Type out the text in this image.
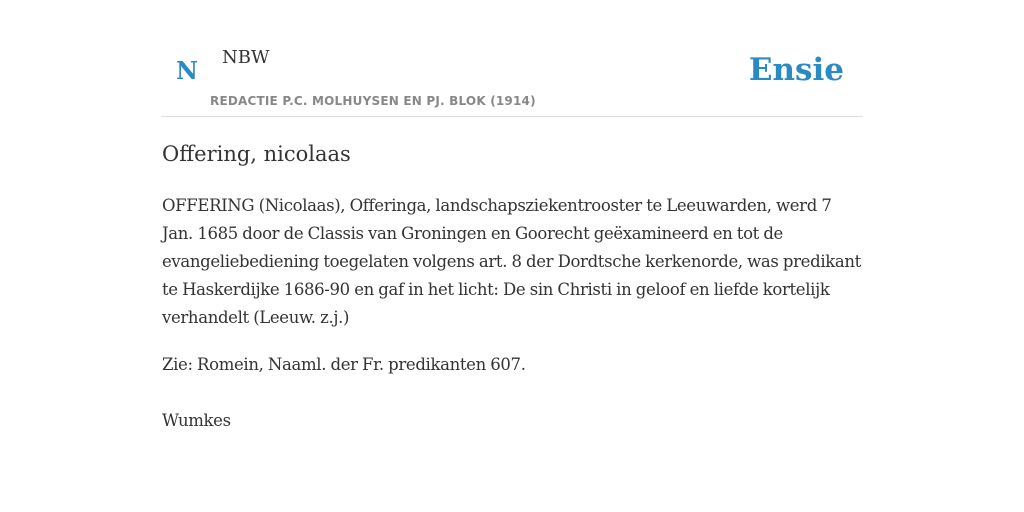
N NBW
REDACTIE P.C. MOLHUYSEN EN PJ. BLOK (1914)
Ensie
Offering, nicolaas

OFFERING (Nicolaas), Offeringa, landschapsziekentrooster te Leeuwarden, werd 7 Jan. 1685 door de Classis van Groningen en Goorecht geëxamineerd en tot de evangeliebediening toegelaten volgens art. 8 der Dordtsche kerkenorde, was predikant te Haskerdijke 1686-90 en gaf in het licht: De sin Christi in geloof en liefde kortelijk verhandelt (Leeuw. z.j.)

Zie: Romein, Naaml. der Fr. predikanten 607.

Wumkes
